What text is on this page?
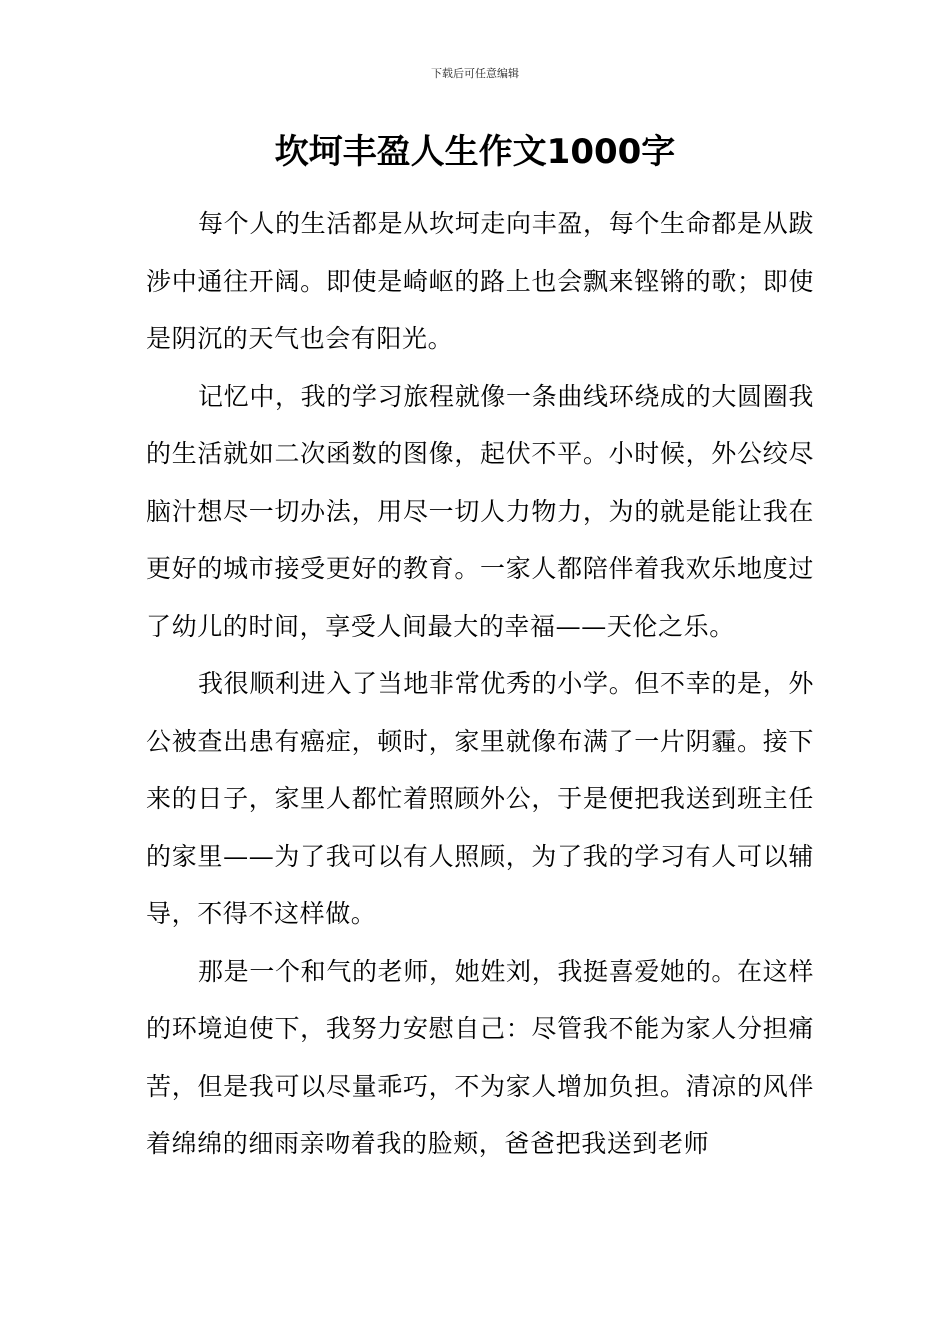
下载后可任意编辑
坎坷丰盈人生作文1000字

每个人的生活都是从坎坷走向丰盈，每个生命都是从跋涉中通往开阔。即使是崎岖的路上也会飘来铿锵的歌；即使是阴沉的天气也会有阳光。

记忆中，我的学习旅程就像一条曲线环绕成的大圆圈我的生活就如二次函数的图像，起伏不平。小时候，外公绞尽脑汁想尽一切办法，用尽一切人力物力，为的就是能让我在更好的城市接受更好的教育。一家人都陪伴着我欢乐地度过了幼儿的时间，享受人间最大的幸福——天伦之乐。

我很顺利进入了当地非常优秀的小学。但不幸的是，外公被查出患有癌症，顿时，家里就像布满了一片阴霾。接下来的日子，家里人都忙着照顾外公，于是便把我送到班主任的家里——为了我可以有人照顾，为了我的学习有人可以辅导，不得不这样做。

那是一个和气的老师，她姓刘，我挺喜爱她的。在这样的环境迫使下，我努力安慰自己：尽管我不能为家人分担痛苦，但是我可以尽量乖巧，不为家人增加负担。清凉的风伴着绵绵的细雨亲吻着我的脸颊，爸爸把我送到老师
